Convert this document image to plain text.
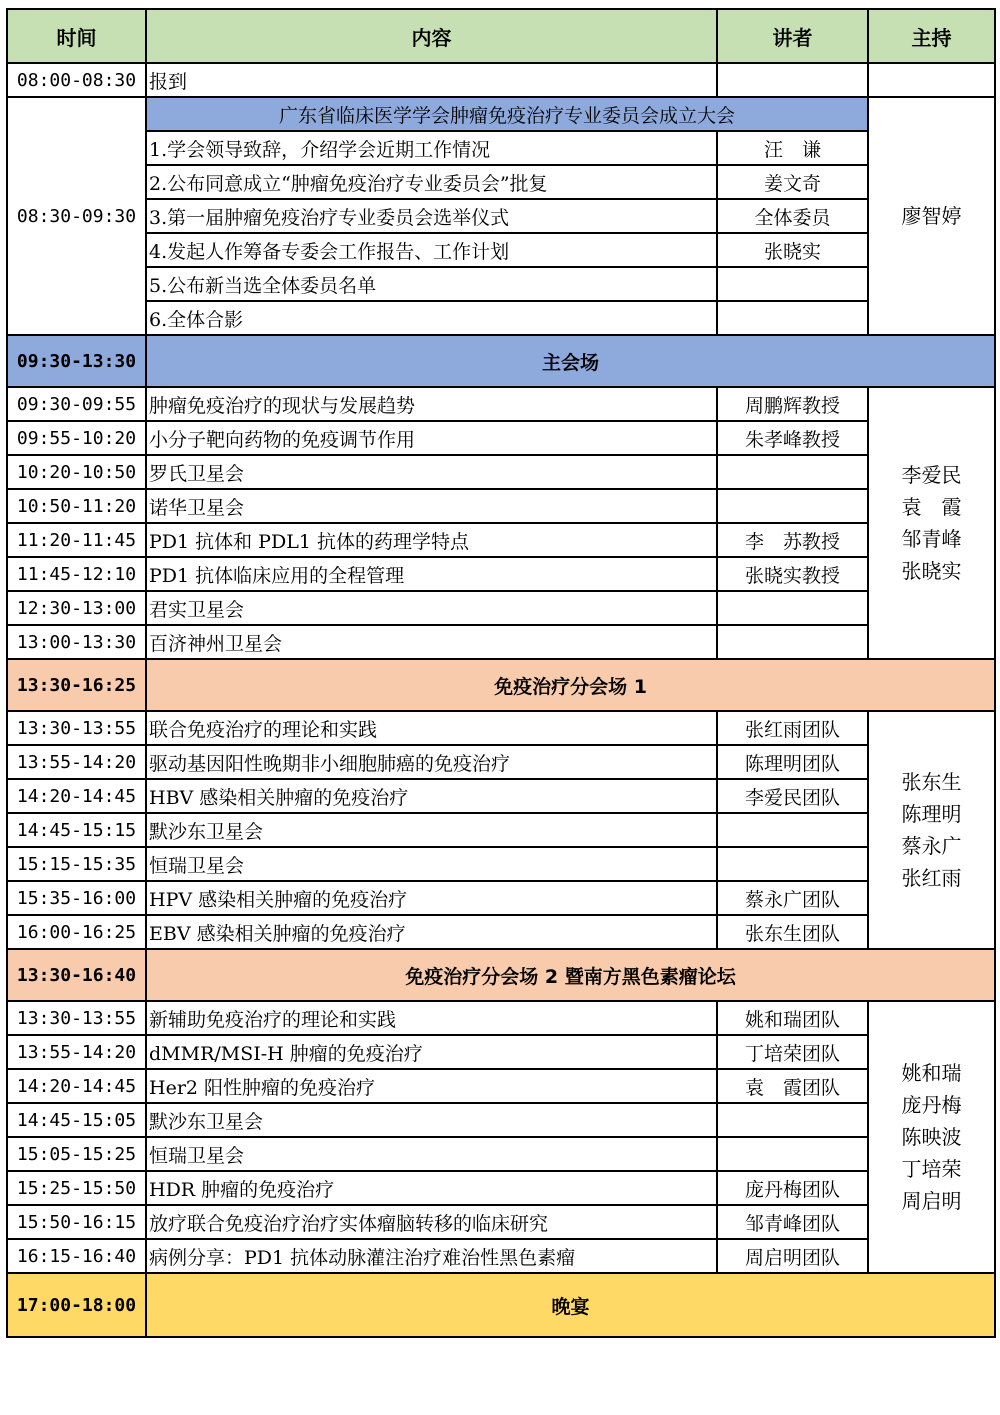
时间	内容	讲者	主持
08:00-08:30	报到		
08:30-09:30	广东省临床医学学会肿瘤免疫治疗专业委员会成立大会		廖智婷
	1.学会领导致辞，介绍学会近期工作情况	汪　谦	
	2.公布同意成立“肿瘤免疫治疗专业委员会”批复	姜文奇	
	3.第一届肿瘤免疫治疗专业委员会选举仪式	全体委员	
	4.发起人作筹备专委会工作报告、工作计划	张晓实	
	5.公布新当选全体委员名单		
	6.全体合影		
09:30-13:30	主会场		
09:30-09:55	肿瘤免疫治疗的现状与发展趋势	周鹏辉教授	李爱民
袁　霞
邹青峰
张晓实
09:55-10:20	小分子靶向药物的免疫调节作用	朱孝峰教授	
10:20-10:50	罗氏卫星会		
10:50-11:20	诺华卫星会		
11:20-11:45	PD1 抗体和 PDL1 抗体的药理学特点	李　苏教授	
11:45-12:10	PD1 抗体临床应用的全程管理	张晓实教授	
12:30-13:00	君实卫星会		
13:00-13:30	百济神州卫星会		
13:30-16:25	免疫治疗分会场 1		
13:30-13:55	联合免疫治疗的理论和实践	张红雨团队	张东生
陈理明
蔡永广
张红雨
13:55-14:20	驱动基因阳性晚期非小细胞肺癌的免疫治疗	陈理明团队	
14:20-14:45	HBV 感染相关肿瘤的免疫治疗	李爱民团队	
14:45-15:15	默沙东卫星会		
15:15-15:35	恒瑞卫星会		
15:35-16:00	HPV 感染相关肿瘤的免疫治疗	蔡永广团队	
16:00-16:25	EBV 感染相关肿瘤的免疫治疗	张东生团队	
13:30-16:40	免疫治疗分会场 2 暨南方黑色素瘤论坛		
13:30-13:55	新辅助免疫治疗的理论和实践	姚和瑞团队	姚和瑞
庞丹梅
陈映波
丁培荣
周启明
13:55-14:20	dMMR/MSI-H 肿瘤的免疫治疗	丁培荣团队	
14:20-14:45	Her2 阳性肿瘤的免疫治疗	袁　霞团队	
14:45-15:05	默沙东卫星会		
15:05-15:25	恒瑞卫星会		
15:25-15:50	HDR 肿瘤的免疫治疗	庞丹梅团队	
15:50-16:15	放疗联合免疫治疗治疗实体瘤脑转移的临床研究	邹青峰团队	
16:15-16:40	病例分享：PD1 抗体动脉灌注治疗难治性黑色素瘤	周启明团队	
17:00-18:00	晚宴		
